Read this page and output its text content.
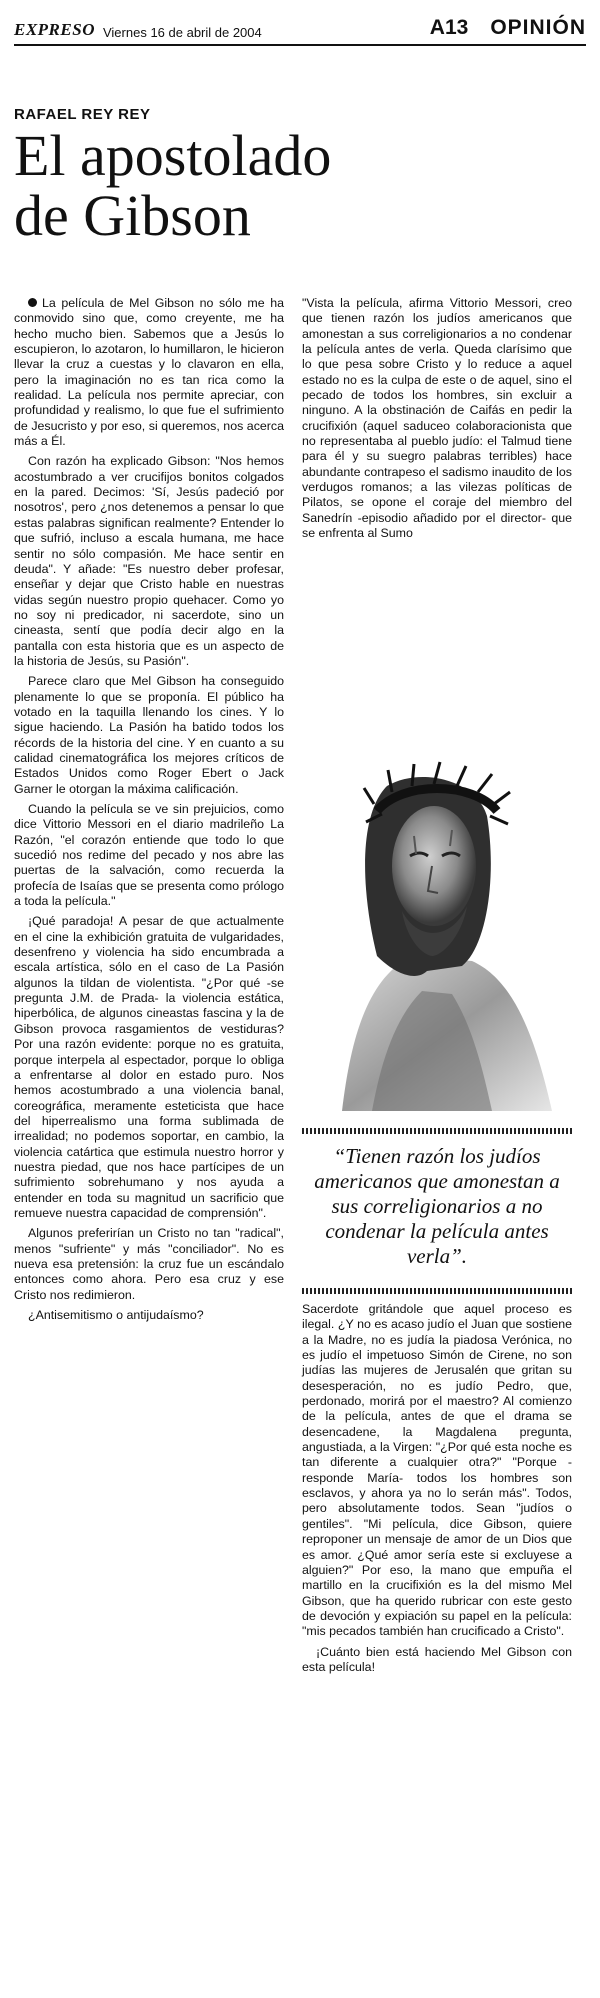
EXPRESO Viernes 16 de abril de 2004	A13 OPINIÓN
RAFAEL REY REY
El apostolado
de Gibson

La película de Mel Gibson no sólo me ha conmovido sino que, como creyente, me ha hecho mucho bien. Sabemos que a Jesús lo escupieron, lo azotaron, lo humillaron, le hicieron llevar la cruz a cuestas y lo clavaron en ella, pero la imaginación no es tan rica como la realidad. La película nos permite apreciar, con profundidad y realismo, lo que fue el sufrimiento de Jesucristo y por eso, si queremos, nos acerca más a Él.

Con razón ha explicado Gibson: "Nos hemos acostumbrado a ver crucifijos bonitos colgados en la pared. Decimos: 'Sí, Jesús padeció por nosotros', pero ¿nos detenemos a pensar lo que estas palabras significan realmente? Entender lo que sufrió, incluso a escala humana, me hace sentir no sólo compasión. Me hace sentir en deuda". Y añade: "Es nuestro deber profesar, enseñar y dejar que Cristo hable en nuestras vidas según nuestro propio quehacer. Como yo no soy ni predicador, ni sacerdote, sino un cineasta, sentí que podía decir algo en la pantalla con esta historia que es un aspecto de la historia de Jesús, su Pasión".

Parece claro que Mel Gibson ha conseguido plenamente lo que se proponía. El público ha votado en la taquilla llenando los cines. Y lo sigue haciendo. La Pasión ha batido todos los récords de la historia del cine. Y en cuanto a su calidad cinematográfica los mejores críticos de Estados Unidos como Roger Ebert o Jack Garner le otorgan la máxima calificación.

Cuando la película se ve sin prejuicios, como dice Vittorio Messori en el diario madrileño La Razón, "el corazón entiende que todo lo que sucedió nos redime del pecado y nos abre las puertas de la salvación, como recuerda la profecía de Isaías que se presenta como prólogo a toda la película."

¡Qué paradoja! A pesar de que actualmente en el cine la exhibición gratuita de vulgaridades, desenfreno y violencia ha sido encumbrada a escala artística, sólo en el caso de La Pasión algunos la tildan de violentista. "¿Por qué -se pregunta J.M. de Prada- la violencia estática, hiperbólica, de algunos cineastas fascina y la de Gibson provoca rasgamientos de vestiduras? Por una razón evidente: porque no es gratuita, porque interpela al espectador, porque lo obliga a enfrentarse al dolor en estado puro. Nos hemos acostumbrado a una violencia banal, coreográfica, meramente esteticista que hace del hiperrealismo una forma sublimada de irrealidad; no podemos soportar, en cambio, la violencia catártica que estimula nuestro horror y nuestra piedad, que nos hace partícipes de un sufrimiento sobrehumano y nos ayuda a entender en toda su magnitud un sacrificio que remueve nuestra capacidad de comprensión".

Algunos preferirían un Cristo no tan "radical", menos "sufriente" y más "conciliador". No es nueva esa pretensión: la cruz fue un escándalo entonces como ahora. Pero esa cruz y ese Cristo nos redimieron.

¿Antisemitismo o antijudaísmo?

"Vista la película, afirma Vittorio Messori, creo que tienen razón los judíos americanos que amonestan a sus correligionarios a no condenar la película antes de verla. Queda clarísimo que lo que pesa sobre Cristo y lo reduce a aquel estado no es la culpa de este o de aquel, sino el pecado de todos los hombres, sin excluir a ninguno. A la obstinación de Caifás en pedir la crucifixión (aquel saduceo colaboracionista que no representaba al pueblo judío: el Talmud tiene para él y su suegro palabras terribles) hace abundante contrapeso el sadismo inaudito de los verdugos romanos; a las vilezas políticas de Pilatos, se opone el coraje del miembro del Sanedrín -episodio añadido por el director- que se enfrenta al Sumo

“Tienen razón los judíos americanos que amonestan a sus correligionarios a no condenar la película antes verla”.

Sacerdote gritándole que aquel proceso es ilegal. ¿Y no es acaso judío el Juan que sostiene a la Madre, no es judía la piadosa Verónica, no es judío el impetuoso Simón de Cirene, no son judías las mujeres de Jerusalén que gritan su desesperación, no es judío Pedro, que, perdonado, morirá por el maestro? Al comienzo de la película, antes de que el drama se desencadene, la Magdalena pregunta, angustiada, a la Virgen: "¿Por qué esta noche es tan diferente a cualquier otra?" "Porque -responde María- todos los hombres son esclavos, y ahora ya no lo serán más". Todos, pero absolutamente todos. Sean "judíos o gentiles". "Mi película, dice Gibson, quiere reproponer un mensaje de amor de un Dios que es amor. ¿Qué amor sería este si excluyese a alguien?" Por eso, la mano que empuña el martillo en la crucifixión es la del mismo Mel Gibson, que ha querido rubricar con este gesto de devoción y expiación su papel en la película: "mis pecados también han crucificado a Cristo".

¡Cuánto bien está haciendo Mel Gibson con esta película!
